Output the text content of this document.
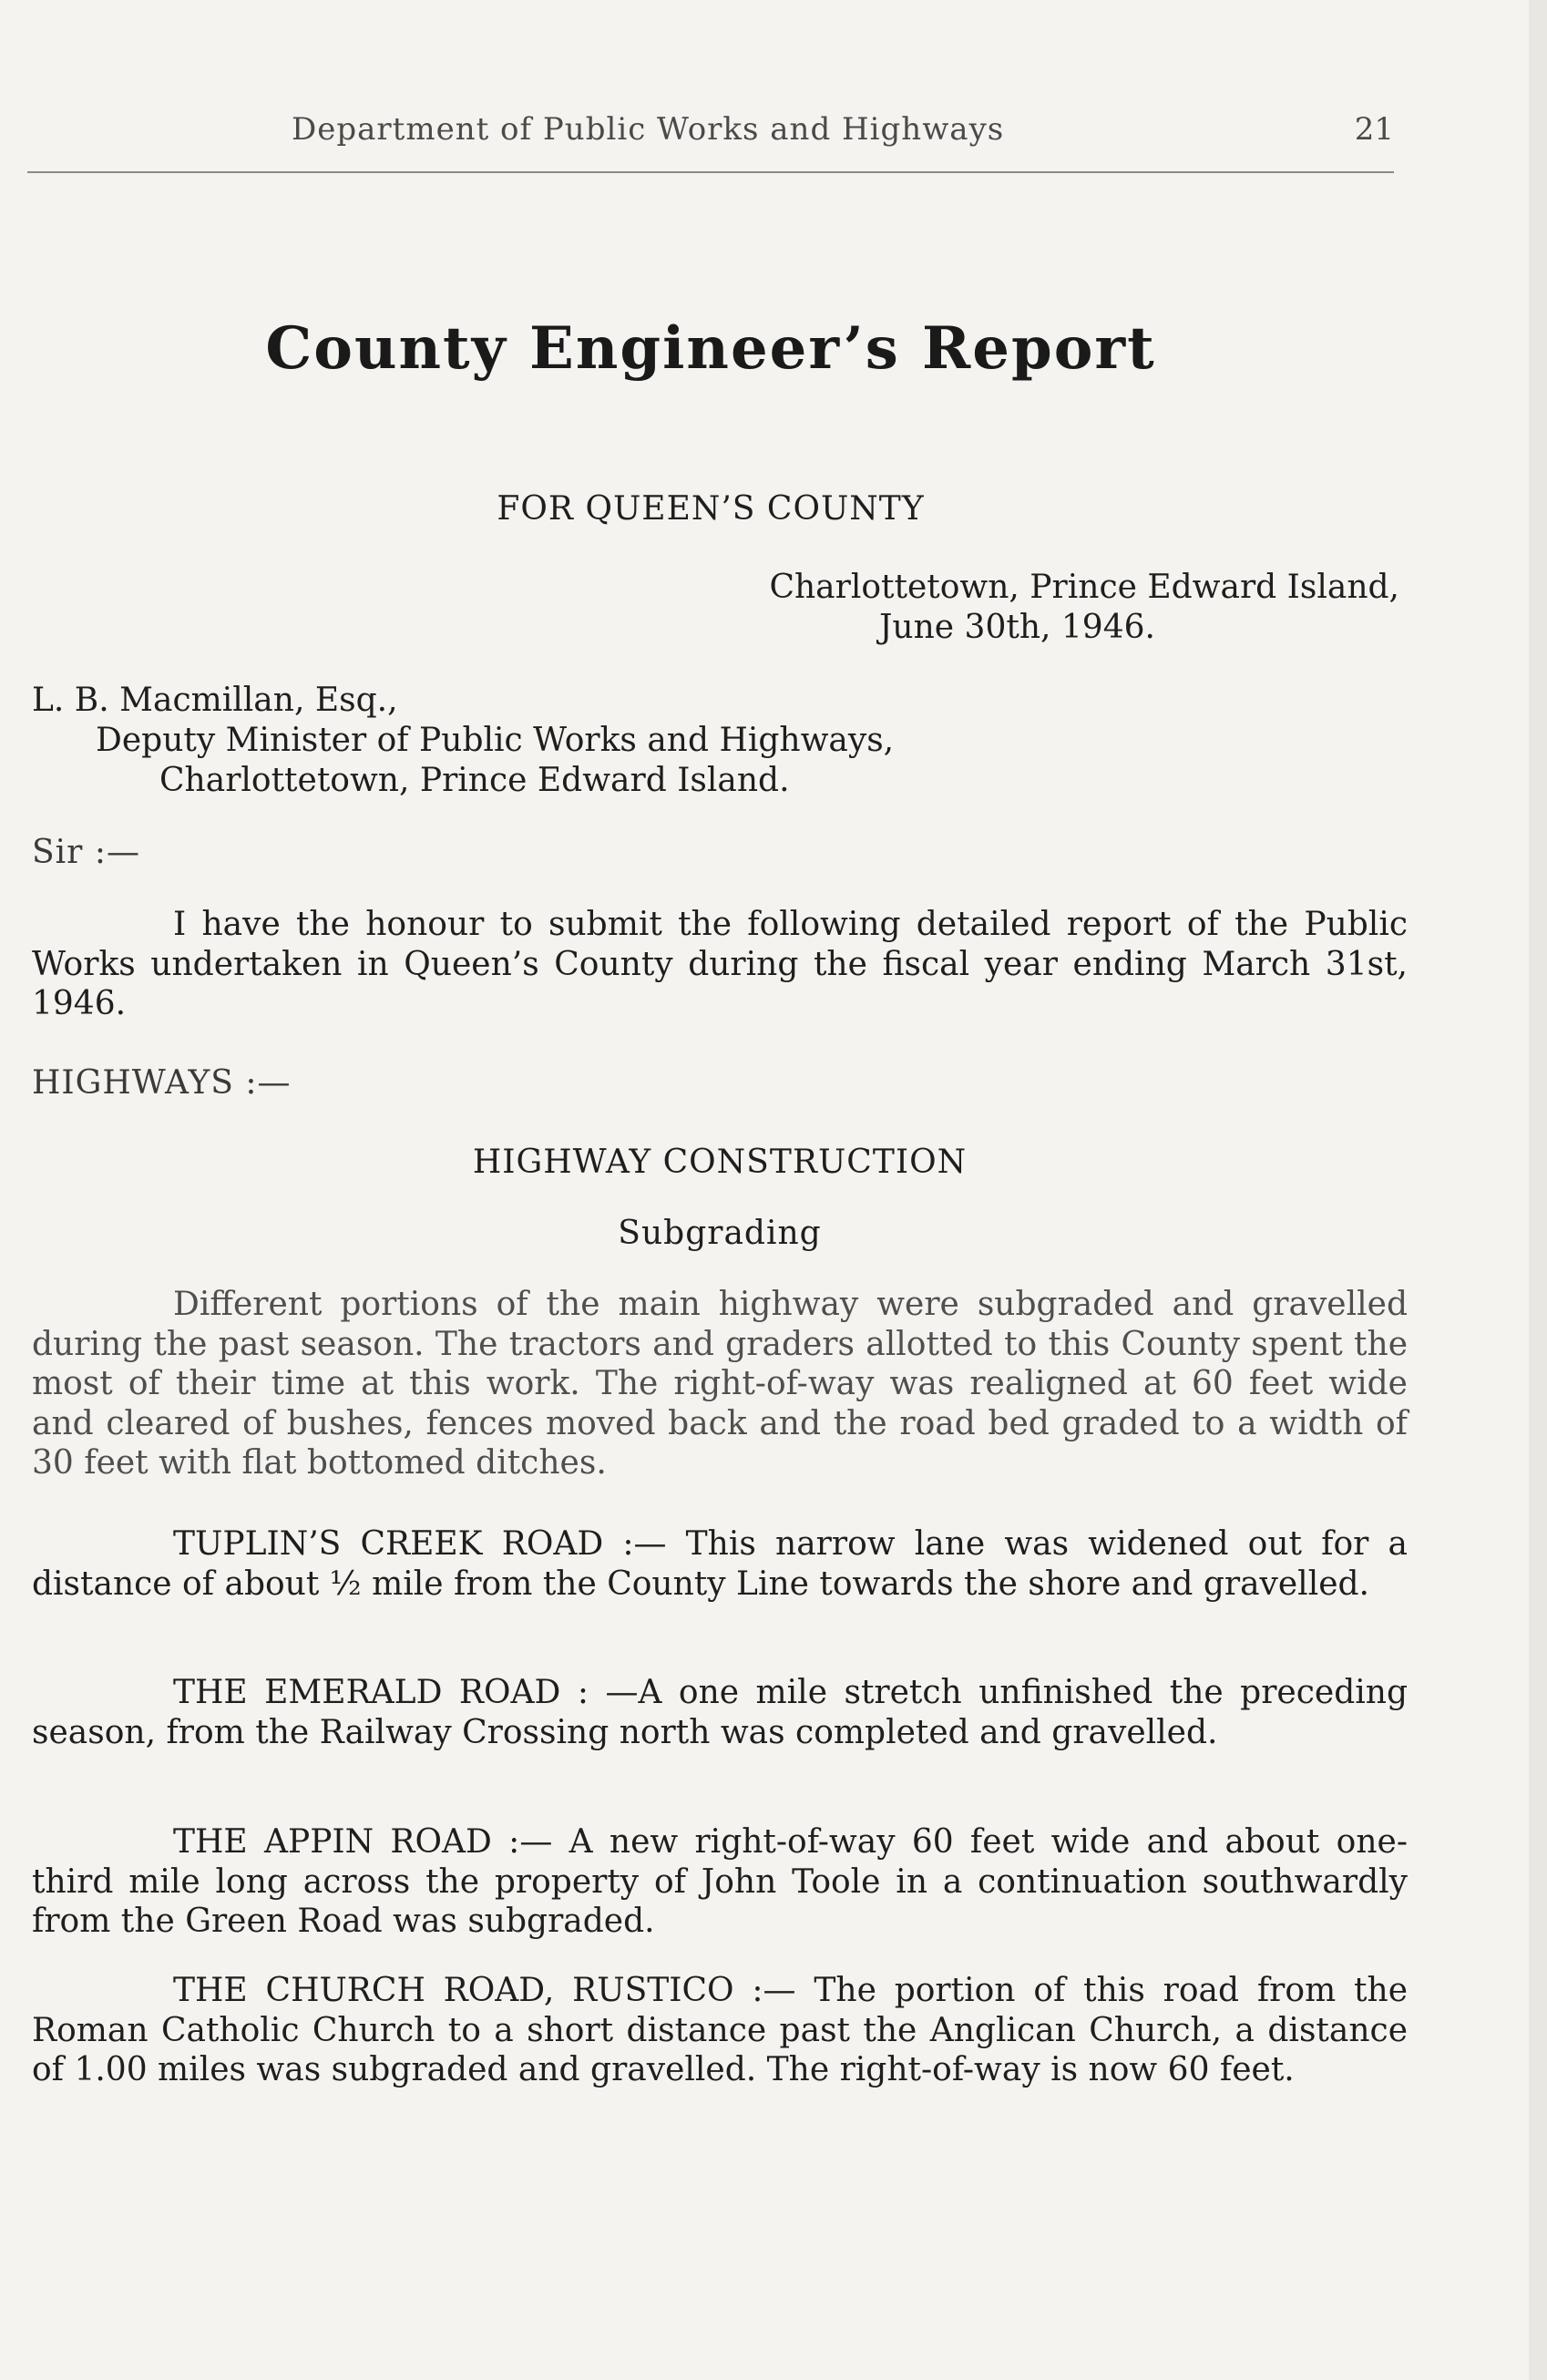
Department of Public Works and Highways	21
County Engineer’s Report
FOR QUEEN’S COUNTY
Charlottetown, Prince Edward Island,
June 30th, 1946.
L. B. Macmillan, Esq.,
Deputy Minister of Public Works and Highways,
Charlottetown, Prince Edward Island.
Sir :—

I have the honour to submit the following detailed report of the Public Works undertaken in Queen’s County during the fiscal year ending March 31st, 1946.

HIGHWAYS :—
HIGHWAY CONSTRUCTION
Subgrading

Different portions of the main highway were subgraded and gravelled during the past season. The tractors and graders allotted to this County spent the most of their time at this work. The right-of-way was realigned at 60 feet wide and cleared of bushes, fences moved back and the road bed graded to a width of 30 feet with flat bottomed ditches.

TUPLIN’S CREEK ROAD :— This narrow lane was widened out for a distance of about ½ mile from the County Line towards the shore and gravelled.

THE EMERALD ROAD : —A one mile stretch unfinished the preceding season, from the Railway Crossing north was completed and gravelled.

THE APPIN ROAD :— A new right-of-way 60 feet wide and about one-third mile long across the property of John Toole in a continuation southwardly from the Green Road was subgraded.

THE CHURCH ROAD, RUSTICO :— The portion of this road from the Roman Catholic Church to a short distance past the Anglican Church, a distance of 1.00 miles was subgraded and gravelled. The right-of-way is now 60 feet.
